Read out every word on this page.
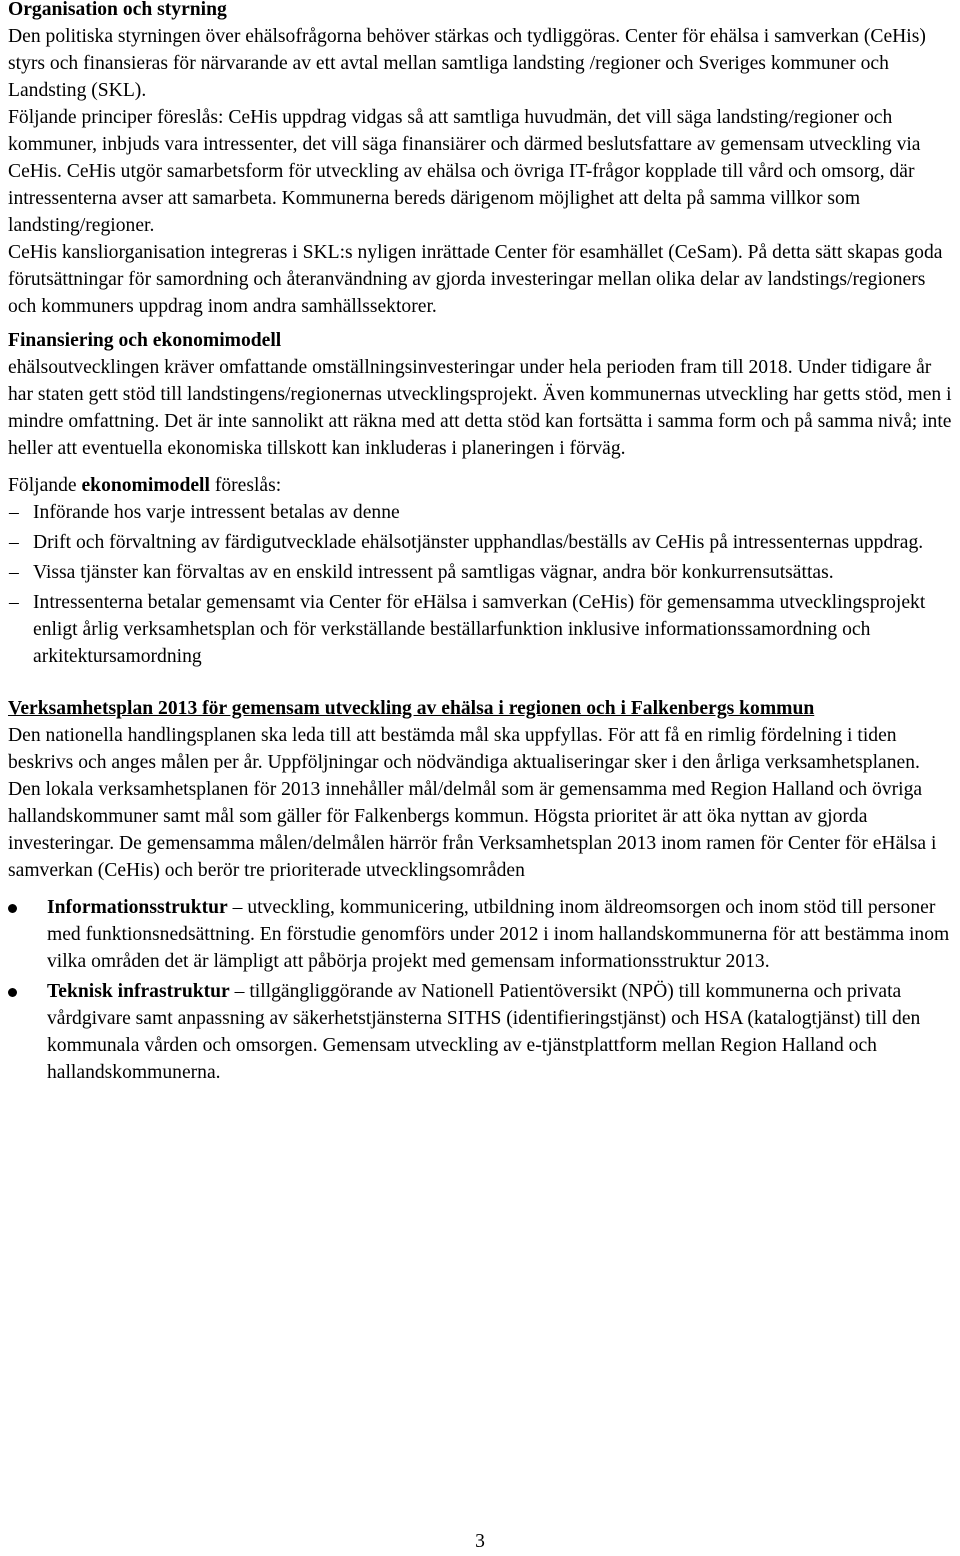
Organisation och styrning

Den politiska styrningen över ehälsofrågorna behöver stärkas och tydliggöras. Center för ehälsa i samverkan (CeHis) styrs och finansieras för närvarande av ett avtal mellan samtliga landsting /regioner och Sveriges kommuner och Landsting (SKL).

Följande principer föreslås: CeHis uppdrag vidgas så att samtliga huvudmän, det vill säga landsting/regioner och kommuner, inbjuds vara intressenter, det vill säga finansiärer och därmed beslutsfattare av gemensam utveckling via CeHis. CeHis utgör samarbetsform för utveckling av ehälsa och övriga IT-frågor kopplade till vård och omsorg, där intressenterna avser att samarbeta. Kommunerna bereds därigenom möjlighet att delta på samma villkor som landsting/regioner.

CeHis kansliorganisation integreras i SKL:s nyligen inrättade Center för esamhället (CeSam). På detta sätt skapas goda förutsättningar för samordning och återanvändning av gjorda investeringar mellan olika delar av landstings/regioners och kommuners uppdrag inom andra samhällssektorer.

Finansiering och ekonomimodell

ehälsoutvecklingen kräver omfattande omställningsinvesteringar under hela perioden fram till 2018. Under tidigare år har staten gett stöd till landstingens/regionernas utvecklingsprojekt. Även kommunernas utveckling har getts stöd, men i mindre omfattning. Det är inte sannolikt att räkna med att detta stöd kan fortsätta i samma form och på samma nivå; inte heller att eventuella ekonomiska tillskott kan inkluderas i planeringen i förväg.

Följande ekonomimodell föreslås:

– Införande hos varje intressent betalas av denne
– Drift och förvaltning av färdigutvecklade ehälsotjänster upphandlas/beställs av CeHis på intressenternas uppdrag.
– Vissa tjänster kan förvaltas av en enskild intressent på samtligas vägnar, andra bör konkurrensutsättas.
– Intressenterna betalar gemensamt via Center för eHälsa i samverkan (CeHis) för gemensamma utvecklingsprojekt enligt årlig verksamhetsplan och för verkställande beställarfunktion inklusive informationssamordning och arkitektursamordning
Verksamhetsplan 2013 för gemensam utveckling av ehälsa i regionen och i Falkenbergs kommun

Den nationella handlingsplanen ska leda till att bestämda mål ska uppfyllas. För att få en rimlig fördelning i tiden beskrivs och anges målen per år. Uppföljningar och nödvändiga aktualiseringar sker i den årliga verksamhetsplanen.

Den lokala verksamhetsplanen för 2013 innehåller mål/delmål som är gemensamma med Region Halland och övriga hallandskommuner samt mål som gäller för Falkenbergs kommun. Högsta prioritet är att öka nyttan av gjorda investeringar. De gemensamma målen/delmålen härrör från Verksamhetsplan 2013 inom ramen för Center för eHälsa i samverkan (CeHis) och berör tre prioriterade utvecklingsområden

Informationsstruktur – utveckling, kommunicering, utbildning inom äldreomsorgen och inom stöd till personer med funktionsnedsättning. En förstudie genomförs under 2012 i inom hallandskommunerna för att bestämma inom vilka områden det är lämpligt att påbörja projekt med gemensam informationsstruktur 2013.
Teknisk infrastruktur – tillgängliggörande av Nationell Patientöversikt (NPÖ) till kommunerna och privata vårdgivare samt anpassning av säkerhetstjänsterna SITHS (identifieringstjänst) och HSA (katalogtjänst) till den kommunala vården och omsorgen. Gemensam utveckling av e-tjänstplattform mellan Region Halland och hallandskommunerna.
3
